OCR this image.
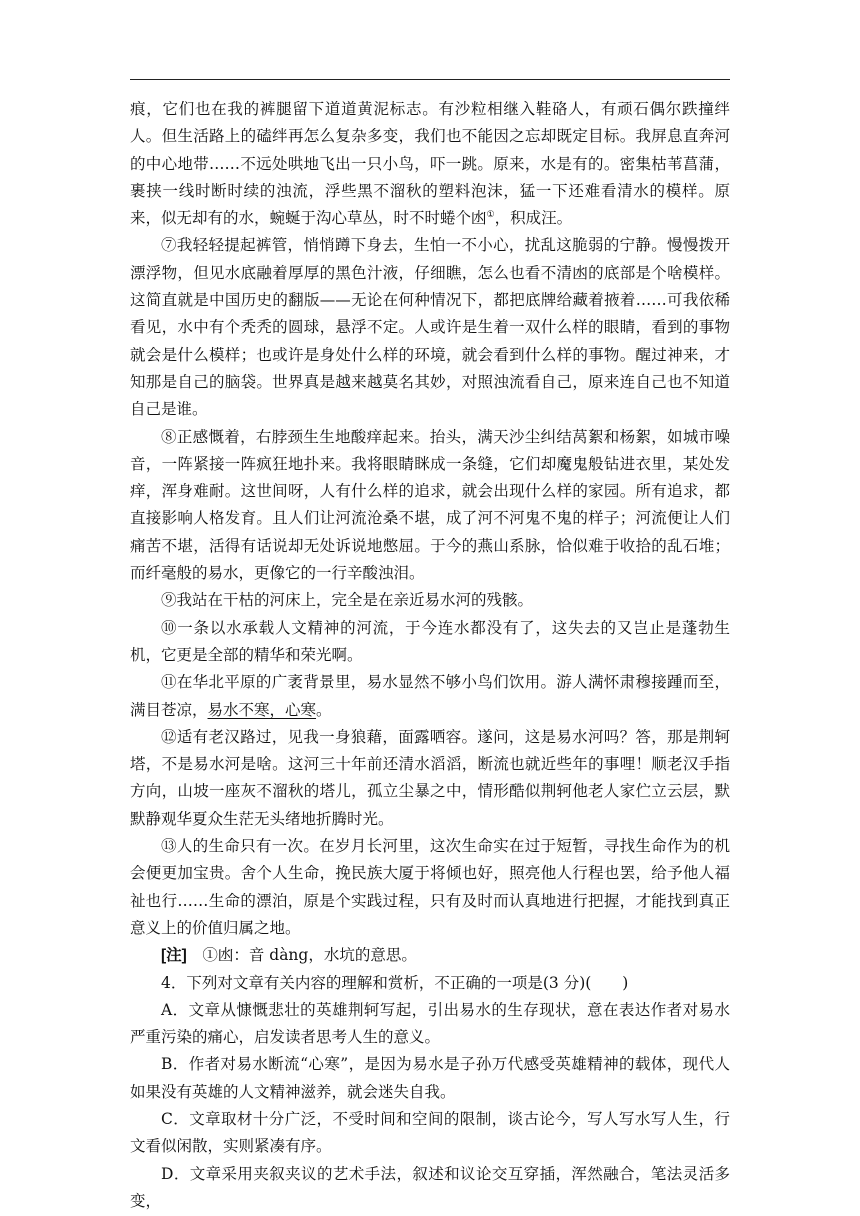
痕，它们也在我的裤腿留下道道黄泥标志。有沙粒相继入鞋硌人，有顽石偶尔跌撞绊人。但生活路上的磕绊再怎么复杂多变，我们也不能因之忘却既定目标。我屏息直奔河的中心地带……不远处哄地飞出一只小鸟，吓一跳。原来，水是有的。密集枯苇菖蒲，裹挟一线时断时续的浊流，浮些黑不溜秋的塑料泡沫，猛一下还难看清水的模样。原来，似无却有的水，蜿蜒于沟心草丛，时不时蜷个凼①，积成汪。

⑦我轻轻提起裤管，悄悄蹲下身去，生怕一不小心，扰乱这脆弱的宁静。慢慢拨开漂浮物，但见水底融着厚厚的黑色汁液，仔细瞧，怎么也看不清凼的底部是个啥模样。这简直就是中国历史的翻版——无论在何种情况下，都把底牌给藏着掖着……可我依稀看见，水中有个秃秃的圆球，悬浮不定。人或许是生着一双什么样的眼睛，看到的事物就会是什么模样；也或许是身处什么样的环境，就会看到什么样的事物。醒过神来，才知那是自己的脑袋。世界真是越来越莫名其妙，对照浊流看自己，原来连自己也不知道自己是谁。

⑧正感慨着，右脖颈生生地酸痒起来。抬头，满天沙尘纠结莴絮和杨絮，如城市噪音，一阵紧接一阵疯狂地扑来。我将眼睛眯成一条缝，它们却魔鬼般钻进衣里，某处发痒，浑身难耐。这世间呀，人有什么样的追求，就会出现什么样的家园。所有追求，都直接影响人格发育。且人们让河流沧桑不堪，成了河不河鬼不鬼的样子；河流便让人们痛苦不堪，活得有话说却无处诉说地憋屈。于今的燕山系脉，恰似难于收拾的乱石堆；而纤毫般的易水，更像它的一行辛酸浊泪。

⑨我站在干枯的河床上，完全是在亲近易水河的残骸。

⑩一条以水承载人文精神的河流，于今连水都没有了，这失去的又岂止是蓬勃生机，它更是全部的精华和荣光啊。

⑪在华北平原的广袤背景里，易水显然不够小鸟们饮用。游人满怀肃穆接踵而至，满目苍凉，易水不寒，心寒。

⑫适有老汉路过，见我一身狼藉，面露哂容。遂问，这是易水河吗？答，那是荆轲塔，不是易水河是啥。这河三十年前还清水滔滔，断流也就近些年的事哩！顺老汉手指方向，山坡一座灰不溜秋的塔儿，孤立尘暴之中，情形酷似荆轲他老人家伫立云层，默默静观华夏众生茫无头绪地折腾时光。

⑬人的生命只有一次。在岁月长河里，这次生命实在过于短暂，寻找生命作为的机会便更加宝贵。舍个人生命，挽民族大厦于将倾也好，照亮他人行程也罢，给予他人福祉也行……生命的漂泊，原是个实践过程，只有及时而认真地进行把握，才能找到真正意义上的价值归属之地。

[注]　 ①凼：音 dàng，水坑的意思。

4．下列对文章有关内容的理解和赏析，不正确的一项是(3 分)(　　)

A．文章从慷慨悲壮的英雄荆轲写起，引出易水的生存现状，意在表达作者对易水严重污染的痛心，启发读者思考人生的意义。

B．作者对易水断流“心寒”，是因为易水是子孙万代感受英雄精神的载体，现代人如果没有英雄的人文精神滋养，就会迷失自我。

C．文章取材十分广泛，不受时间和空间的限制，谈古论今，写人写水写人生，行文看似闲散，实则紧凑有序。

D．文章采用夹叙夹议的艺术手法，叙述和议论交互穿插，浑然融合，笔法灵活多变，
